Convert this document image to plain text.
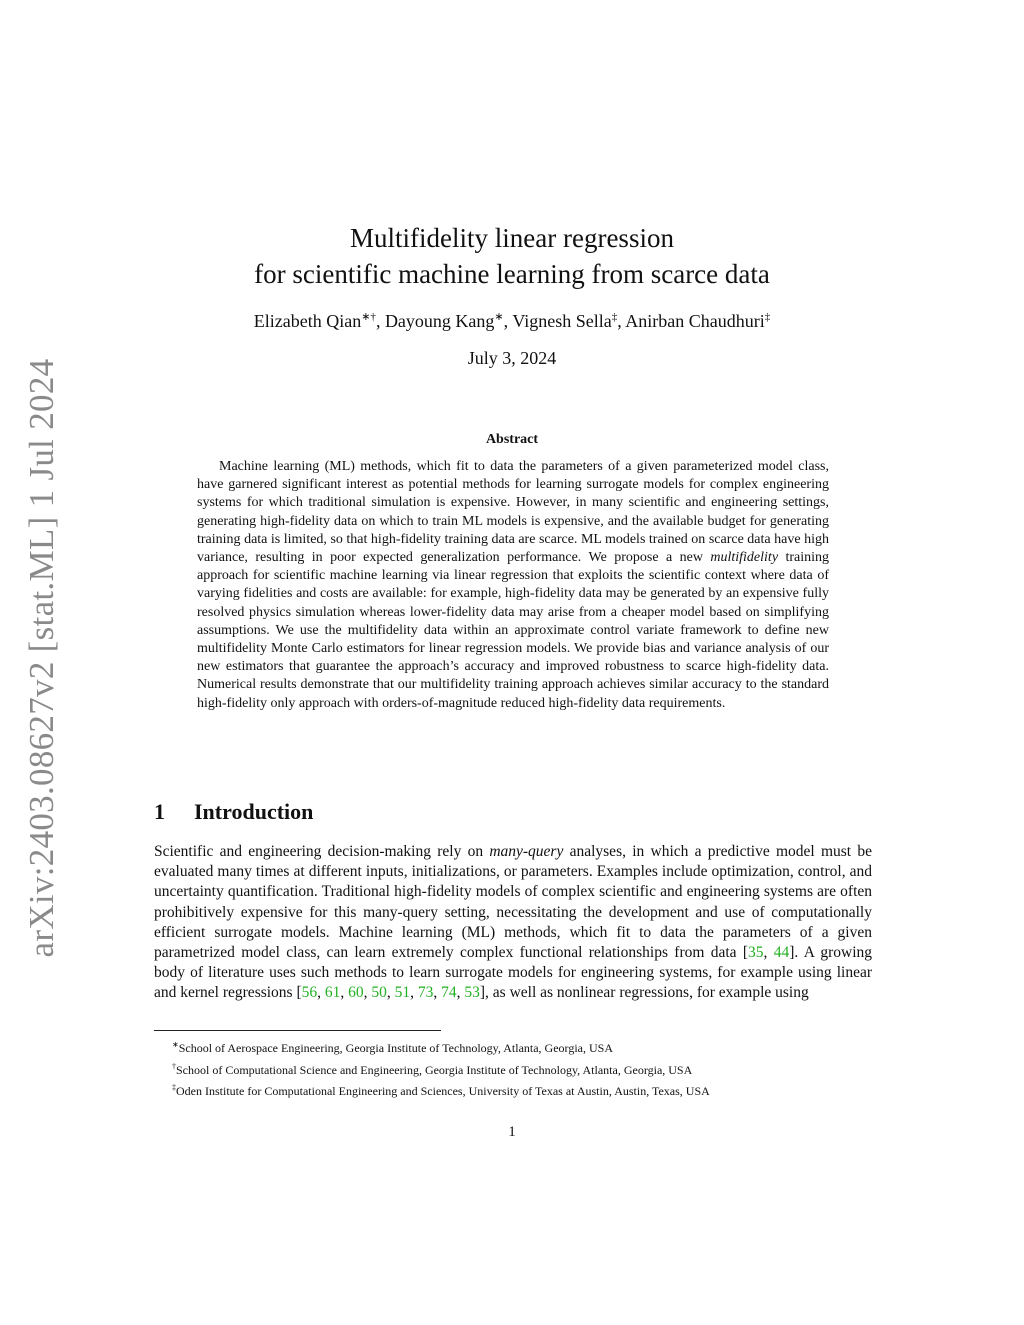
arXiv:2403.08627v2 [stat.ML] 1 Jul 2024
Multifidelity linear regression
for scientific machine learning from scarce data
Elizabeth Qian∗†, Dayoung Kang∗, Vignesh Sella‡, Anirban Chaudhuri‡
July 3, 2024
Abstract

Machine learning (ML) methods, which fit to data the parameters of a given parameterized model class, have garnered significant interest as potential methods for learning surrogate models for complex engineering systems for which traditional simulation is expensive. However, in many scientific and engineering settings, generating high-fidelity data on which to train ML models is expensive, and the available budget for generating training data is limited, so that high-fidelity training data are scarce. ML models trained on scarce data have high variance, resulting in poor expected generalization performance. We propose a new multifidelity training approach for scientific machine learning via linear regression that exploits the scientific context where data of varying fidelities and costs are available: for example, high-fidelity data may be generated by an expensive fully resolved physics simulation whereas lower-fidelity data may arise from a cheaper model based on simplifying assumptions. We use the multifidelity data within an approximate control variate framework to define new multifidelity Monte Carlo estimators for linear regression models. We provide bias and variance analysis of our new estimators that guarantee the approach’s accuracy and improved robustness to scarce high-fidelity data. Numerical results demonstrate that our multifidelity training approach achieves similar accuracy to the standard high-fidelity only approach with orders-of-magnitude reduced high-fidelity data requirements.

1 Introduction

Scientific and engineering decision-making rely on many-query analyses, in which a predictive model must be evaluated many times at different inputs, initializations, or parameters. Examples include optimization, control, and uncertainty quantification. Traditional high-fidelity models of complex scientific and engineering systems are often prohibitively expensive for this many-query setting, necessitating the development and use of computationally efficient surrogate models. Machine learning (ML) methods, which fit to data the parameters of a given parametrized model class, can learn extremely complex functional relationships from data [35, 44]. A growing body of literature uses such methods to learn surrogate models for engineering systems, for example using linear and kernel regressions [56, 61, 60, 50, 51, 73, 74, 53], as well as nonlinear regressions, for example using

∗School of Aerospace Engineering, Georgia Institute of Technology, Atlanta, Georgia, USA
†School of Computational Science and Engineering, Georgia Institute of Technology, Atlanta, Georgia, USA
‡Oden Institute for Computational Engineering and Sciences, University of Texas at Austin, Austin, Texas, USA
1
